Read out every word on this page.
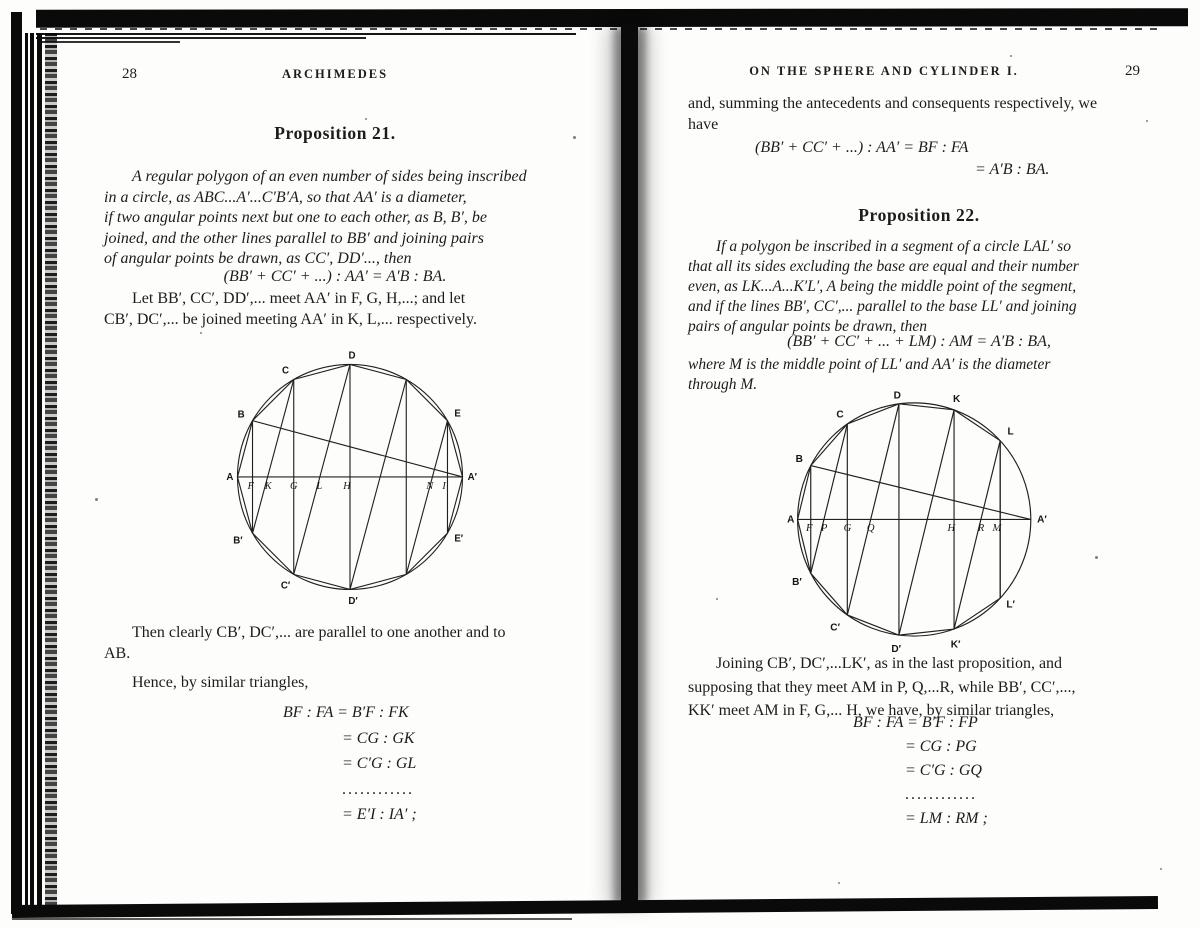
28	ARCHIMEDES
Proposition 21.
A regular polygon of an even number of sides being inscribed
in a circle, as ABC...A′...C′B′A, so that AA′ is a diameter,
if two angular points next but one to each other, as B, B′, be
joined, and the other lines parallel to BB′ and joining pairs
of angular points be drawn, as CC′, DD′..., then
(BB′ + CC′ + ...) : AA′ = A′B : BA.
Let BB′, CC′, DD′,... meet AA′ in F, G, H,...; and let
CB′, DC′,... be joined meeting AA′ in K, L,... respectively.
A
B
C
D
E
A′
E′
D′
C′
B′
F K G L H	N I
Then clearly CB′, DC′,... are parallel to one another and to
AB.
Hence, by similar triangles,
BF : FA = B′F : FK
= CG : GK
= C′G : GL
............
= E′I : IA′ ;
ON THE SPHERE AND CYLINDER I.	29
and, summing the antecedents and consequents respectively, we
have
(BB′ + CC′ + ...) : AA′ = BF : FA
= A′B : BA.
Proposition 22.
If a polygon be inscribed in a segment of a circle LAL′ so
that all its sides excluding the base are equal and their number
even, as LK...A...K′L′, A being the middle point of the segment,
and if the lines BB′, CC′,... parallel to the base LL′ and joining
pairs of angular points be drawn, then
(BB′ + CC′ + ... + LM) : AM = A′B : BA,
where M is the middle point of LL′ and AA′ is the diameter
through M.
A
B
C
D	K
L
A′
L′
K′
D′
C′
B′
F P G Q	H R M
Joining CB′, DC′,...LK′, as in the last proposition, and
supposing that they meet AM in P, Q,...R, while BB′, CC′,...,
KK′ meet AM in F, G,... H, we have, by similar triangles,
BF : FA = B′F : FP
= CG : PG
= C′G : GQ
............
= LM : RM ;
